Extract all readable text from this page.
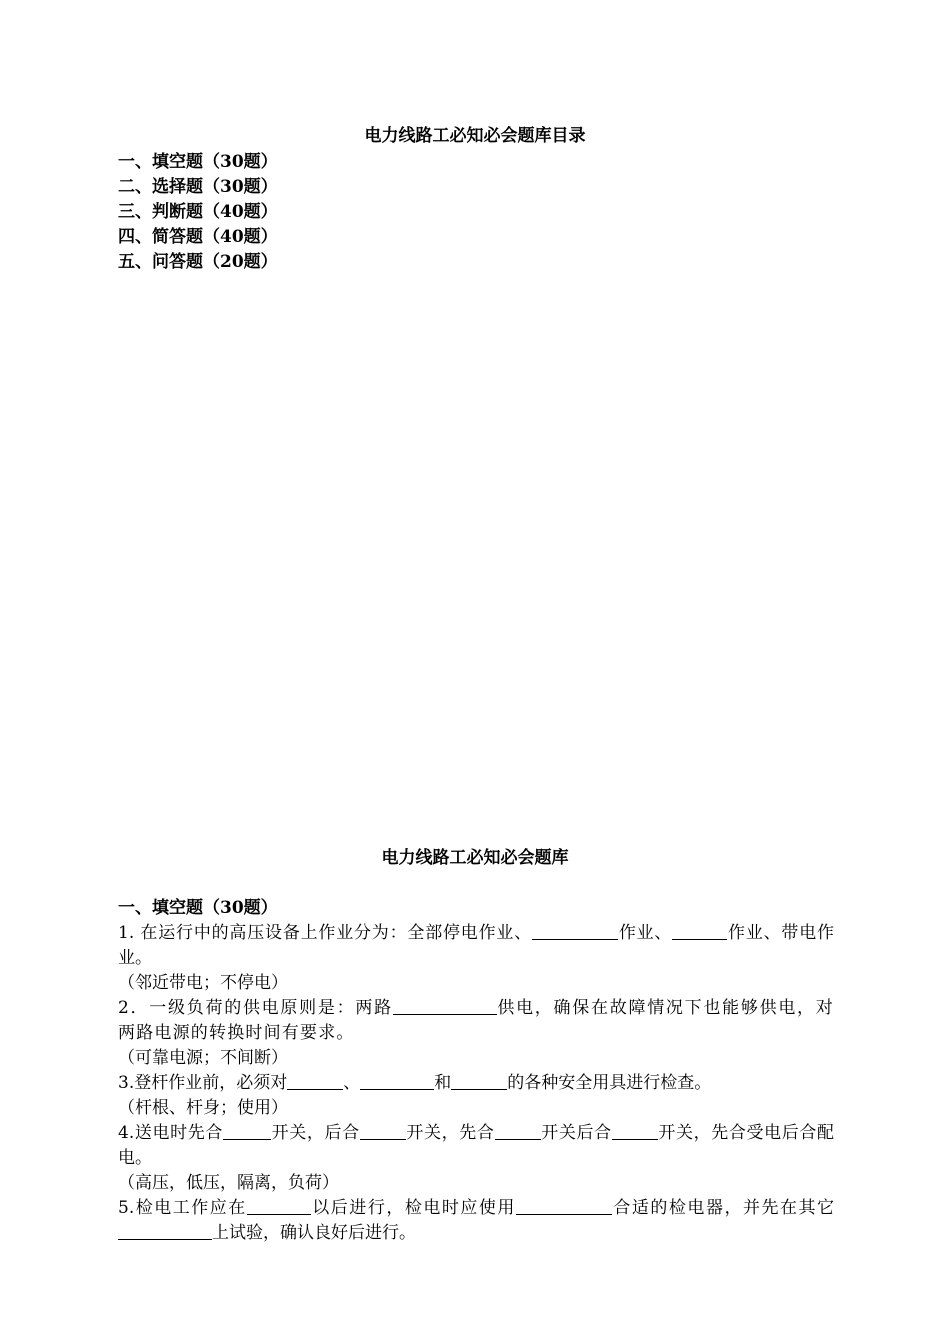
电力线路工必知必会题库目录
一、填空题（30题）
二、选择题（30题）
三、判断题（40题）
四、简答题（40题）
五、问答题（20题）
电力线路工必知必会题库
一、填空题（30题）

1. 在运行中的高压设备上作业分为：全部停电作业、	作业、	作业、带电作业。

（邻近带电；不停电）

2．一级负荷的供电原则是：两路	供电，确保在故障情况下也能够供电，对两路电源的转换时间有要求。

（可靠电源；不间断）

3.登杆作业前，必须对	、	和	的各种安全用具进行检查。

（杆根、杆身；使用）

4.送电时先合	开关，后合	开关，先合	开关后合	开关，先合受电后合配电。

（高压，低压，隔离，负荷）

5.检电工作应在	以后进行，检电时应使用	合适的检电器，并先在其它上试验，确认良好后进行。
